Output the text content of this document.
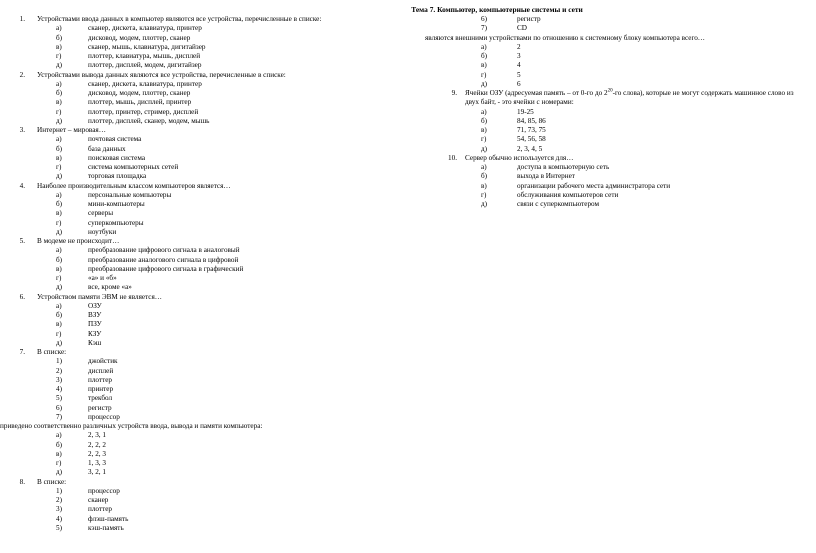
Тема 7. Компьютер, компьютерные системы и сети
1.	Устройствами ввода данных в компьютер являются все устройства, перечисленные в списке:
а)	сканер, дискета, клавиатура, принтер
б)	дисковод, модем, плоттер, сканер
в)	сканер, мышь, клавиатура, дигитайзер
г)	плоттер, клавиатура, мышь, дисплей
д)	плоттер, дисплей, модем, дигитайзер
2.	Устройствами вывода данных являются все устройства, перечисленные в списке:
а)	сканер, дискета, клавиатура, принтер
б)	дисковод, модем, плоттер, сканер
в)	плоттер, мышь, дисплей, принтер
г)	плоттер, принтер, стример, дисплей
д)	плоттер, дисплей, сканер, модем, мышь
3.	Интернет – мировая…
а)	почтовая система
б)	база данных
в)	поисковая система
г)	система компьютерных сетей
д)	торговая площадка
4.	Наиболее производительным классом компьютеров является…
а)	персональные компьютеры
б)	мини-компьютеры
в)	серверы
г)	суперкомпьютеры
д)	ноутбуки
5.	В модеме не происходит…
а)	преобразование цифрового сигнала в аналоговый
б)	преобразование аналогового сигнала в цифровой
в)	преобразование цифрового сигнала в графический
г)	«а» и «б»
д)	все, кроме «а»
6.	Устройством памяти ЭВМ не является…
а)	ОЗУ
б)	ВЗУ
в)	ПЗУ
г)	КЗУ
д)	Кэш
7.	В списке:
1)	джойстик
2)	дисплей
3)	плоттер
4)	принтер
5)	трекбол
6)	регистр
7)	процессор
приведено соответственно различных устройств ввода, вывода и памяти компьютера:
а)	2, 3, 1
б)	2, 2, 2
в)	2, 2, 3
г)	1, 3, 3
д)	3, 2, 1
8.	В списке:
1)	процессор
2)	сканер
3)	плоттер
4)	флэш-память
5)	кэш-память
6)	регистр
7)	CD
являются внешними устройствами по отношению к системному блоку компьютера всего…
а)	2
б)	3
в)	4
г)	5
д)	6
9.	Ячейки ОЗУ (адресуемая память – от 0-го до $2^{20}-го$ слова), которые не могут содержать машинное слово из двух байт, - это ячейки с номерами:
а)	19-25
б)	84, 85, 86
в)	71, 73, 75
г)	54, 56, 58
д)	2, 3, 4, 5
10.	Сервер обычно используется для…
а)	доступа в компьютерную сеть
б)	выхода в Интернет
в)	организации рабочего места администратора сети
г)	обслуживания компьютеров сети
д)	связи с суперкомпьютером
